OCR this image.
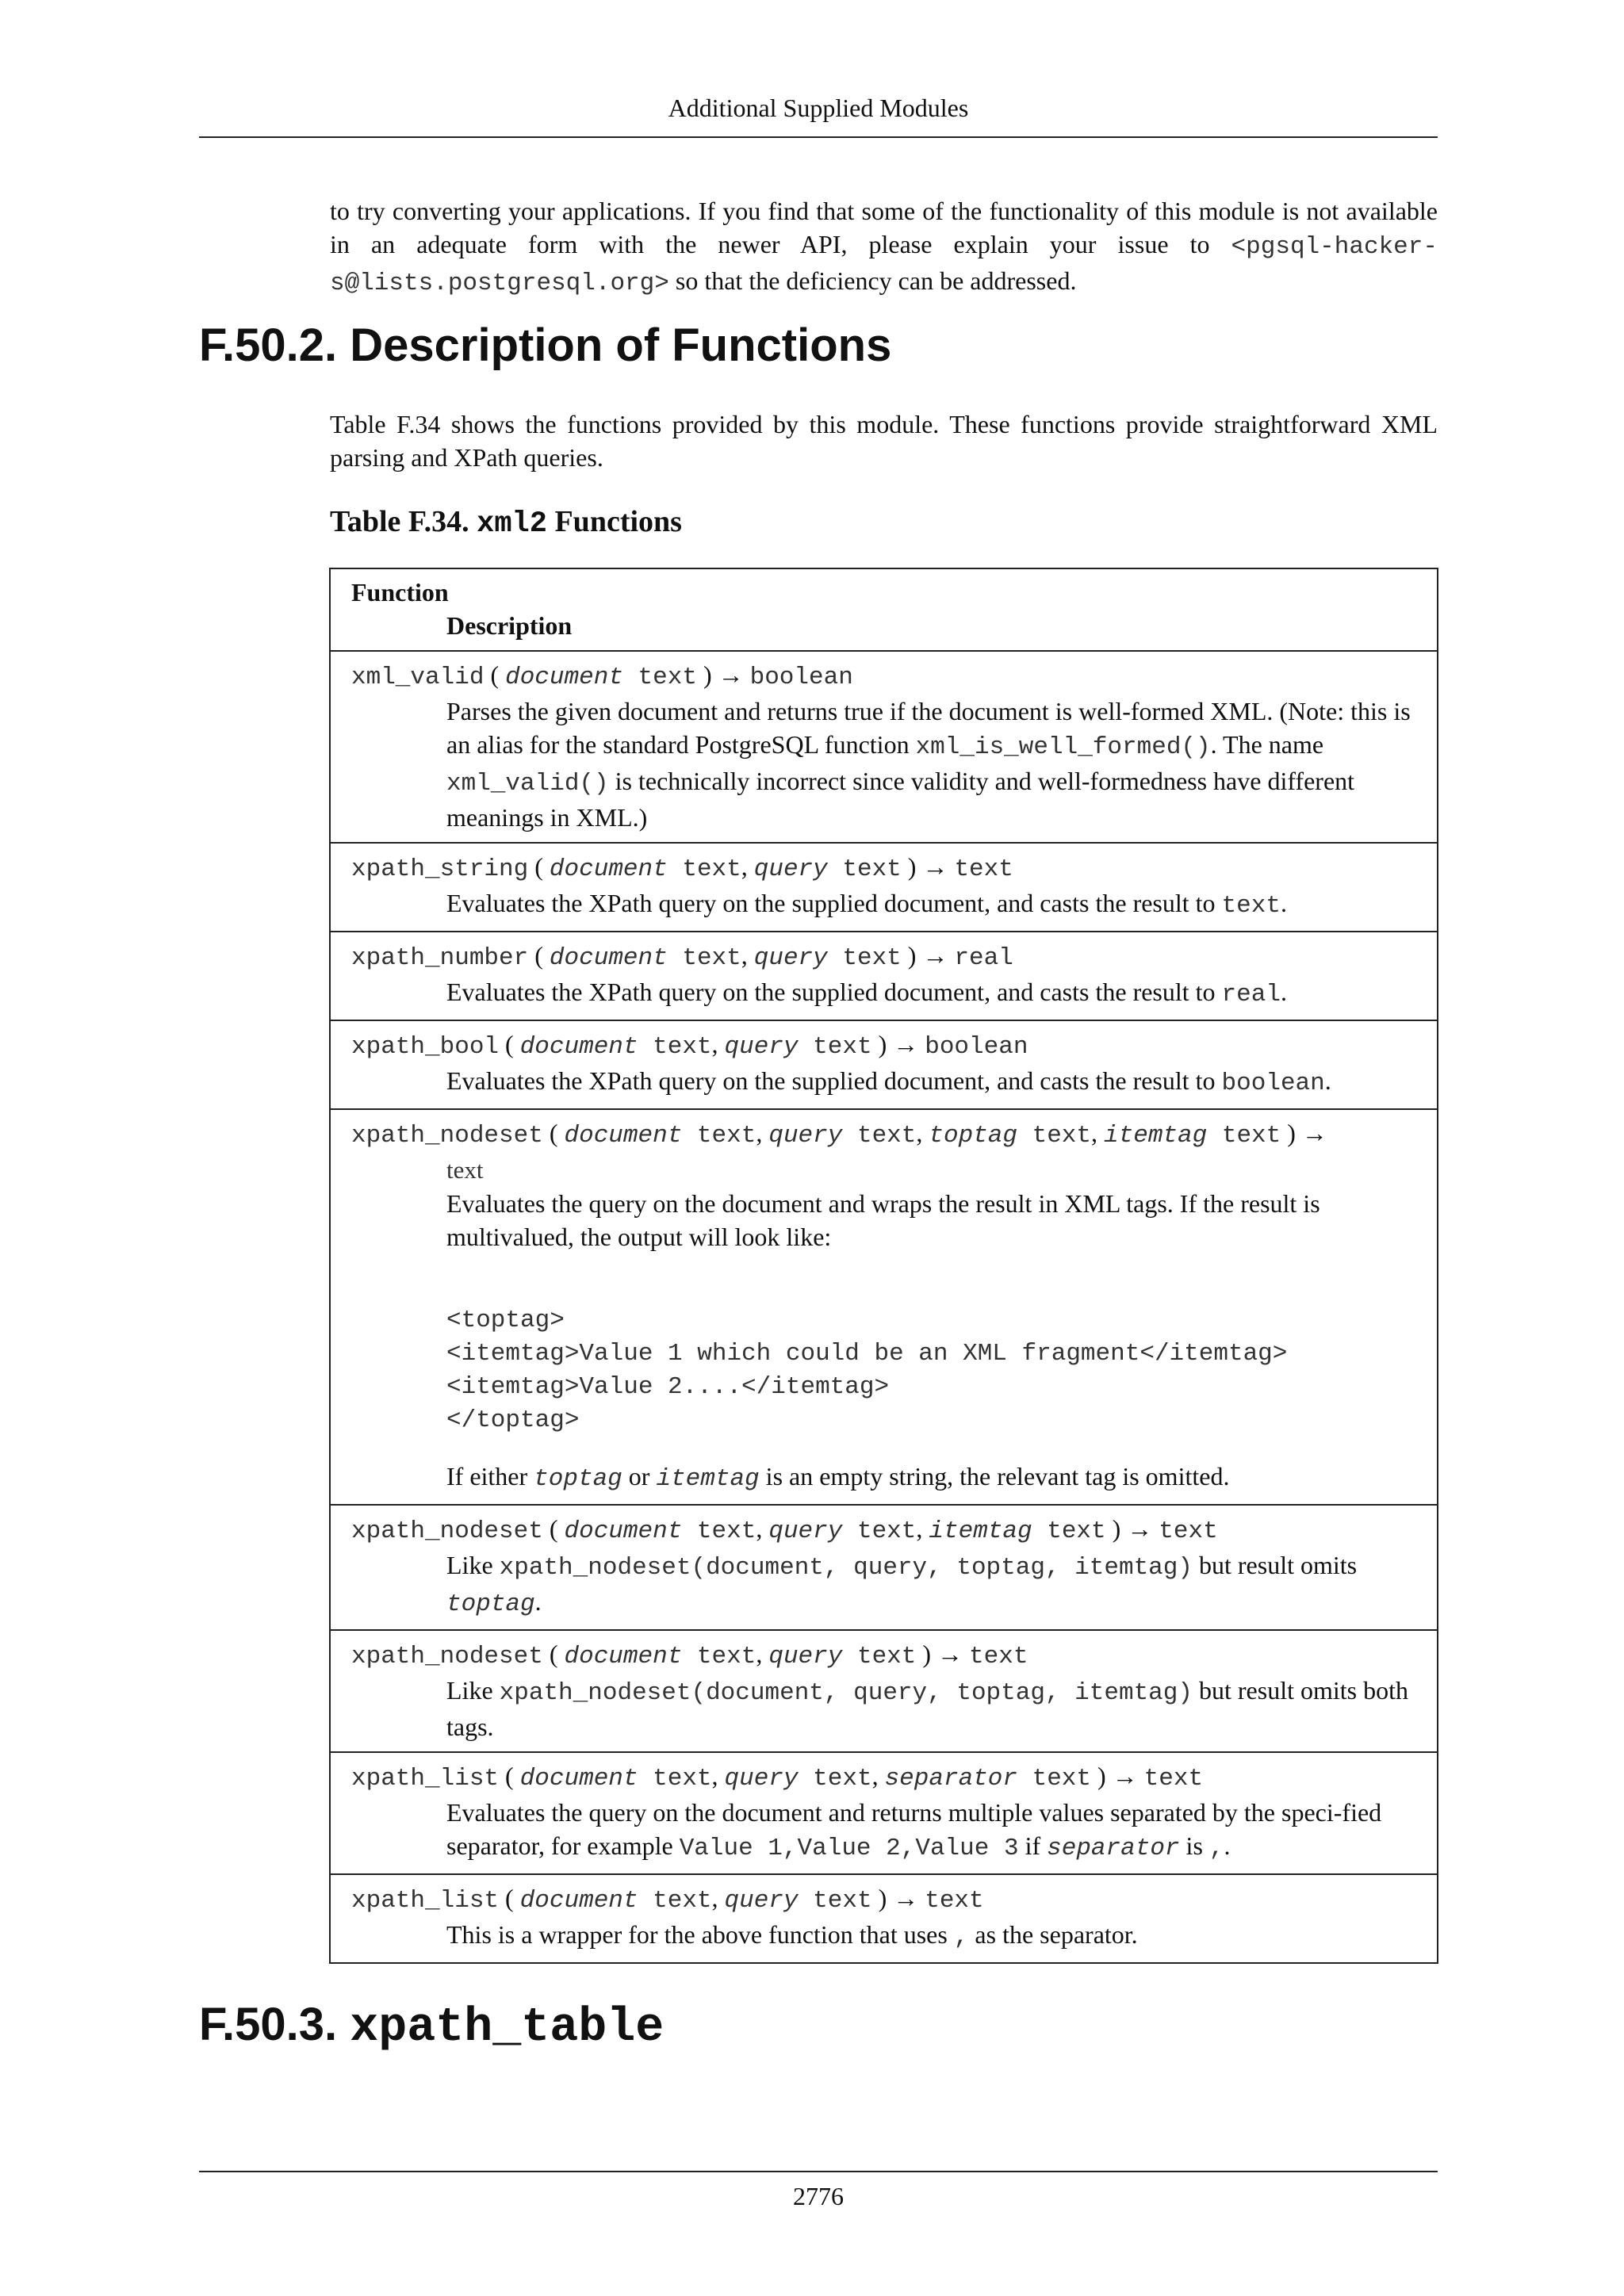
Additional Supplied Modules

to try converting your applications. If you find that some of the functionality of this module is not available in an adequate form with the newer API, please explain your issue to <pgsql-hacker-s@lists.postgresql.org> so that the deficiency can be addressed.

F.50.2. Description of Functions

Table F.34 shows the functions provided by this module. These functions provide straightforward XML parsing and XPath queries.

Table F.34. xml2 Functions
Function
Description
xml_valid ( document text ) → boolean
Parses the given document and returns true if the document is well-formed XML. (Note: this is an alias for the standard PostgreSQL function xml_is_well_formed(). The name xml_valid() is technically incorrect since validity and well-formedness have different meanings in XML.)
xpath_string ( document text, query text ) → text
Evaluates the XPath query on the supplied document, and casts the result to text.
xpath_number ( document text, query text ) → real
Evaluates the XPath query on the supplied document, and casts the result to real.
xpath_bool ( document text, query text ) → boolean
Evaluates the XPath query on the supplied document, and casts the result to boolean.
xpath_nodeset ( document text, query text, toptag text, itemtag text ) →
text
Evaluates the query on the document and wraps the result in XML tags. If the result is multivalued, the output will look like:
<toptag>
<itemtag>Value 1 which could be an XML fragment</itemtag>
<itemtag>Value 2....</itemtag>
</toptag>
If either toptag or itemtag is an empty string, the relevant tag is omitted.
xpath_nodeset ( document text, query text, itemtag text ) → text
Like xpath_nodeset(document, query, toptag, itemtag) but result omits toptag.
xpath_nodeset ( document text, query text ) → text
Like xpath_nodeset(document, query, toptag, itemtag) but result omits both tags.
xpath_list ( document text, query text, separator text ) → text
Evaluates the query on the document and returns multiple values separated by the speci-fied separator, for example Value 1,Value 2,Value 3 if separator is ,.
xpath_list ( document text, query text ) → text
This is a wrapper for the above function that uses , as the separator.
F.50.3. xpath_table
2776
